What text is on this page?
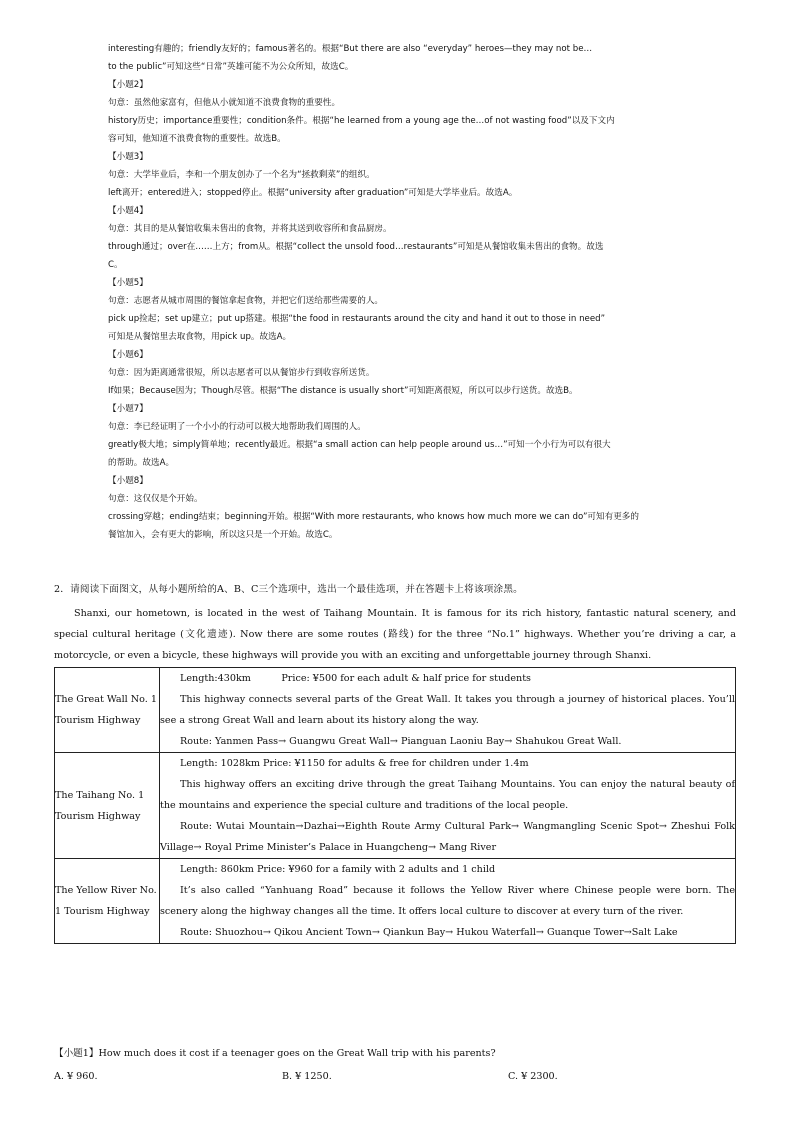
interesting有趣的；friendly友好的；famous著名的。根据“But there are also “everyday” heroes—they may not be…
to the public”可知这些“日常”英雄可能不为公众所知，故选C。
【小题2】
句意：虽然他家富有，但他从小就知道不浪费食物的重要性。
history历史；importance重要性；condition条件。根据“he learned from a young age the…of not wasting food”以及下文内
容可知，他知道不浪费食物的重要性。故选B。
【小题3】
句意：大学毕业后，李和一个朋友创办了一个名为“拯救剩菜”的组织。
left离开；entered进入；stopped停止。根据“university after graduation”可知是大学毕业后。故选A。
【小题4】
句意：其目的是从餐馆收集未售出的食物，并将其送到收容所和食品厨房。
through通过；over在……上方；from从。根据“collect the unsold food…restaurants”可知是从餐馆收集未售出的食物。故选
C。
【小题5】
句意：志愿者从城市周围的餐馆拿起食物，并把它们送给那些需要的人。
pick up捡起；set up建立；put up搭建。根据“the food in restaurants around the city and hand it out to those in need”
可知是从餐馆里去取食物，用pick up。故选A。
【小题6】
句意：因为距离通常很短，所以志愿者可以从餐馆步行到收容所送货。
If如果；Because因为；Though尽管。根据“The distance is usually short”可知距离很短，所以可以步行送货。故选B。
【小题7】
句意：李已经证明了一个小小的行动可以极大地帮助我们周围的人。
greatly极大地；simply简单地；recently最近。根据“a small action can help people around us…”可知一个小行为可以有很大
的帮助。故选A。
【小题8】
句意：这仅仅是个开始。
crossing穿越；ending结束；beginning开始。根据“With more restaurants, who knows how much more we can do”可知有更多的
餐馆加入，会有更大的影响，所以这只是一个开始。故选C。
2．请阅读下面图文，从每小题所给的A、B、C三个选项中，选出一个最佳选项，并在答题卡上将该项涂黑。
Shanxi, our hometown, is located in the west of Taihang Mountain. It is famous for its rich history, fantastic natural scenery, and special cultural heritage (文化遗迹). Now there are some routes (路线) for the three “No.1” highways. Whether you’re driving a car, a motorcycle, or even a bicycle, these highways will provide you with an exciting and unforgettable journey through Shanxi.
The Great Wall No. 1 Tourism Highway	Length:430km          Price: ¥500 for each adult & half price for students

This highway connects several parts of the Great Wall. It takes you through a journey of historical places. You’ll see a strong Great Wall and learn about its history along the way.

Route: Yanmen Pass→ Guangwu Great Wall→ Pianguan Laoniu Bay→ Shahukou Great Wall.

The Taihang No. 1 Tourism Highway	Length: 1028km Price: ¥1150 for adults & free for children under 1.4m

This highway offers an exciting drive through the great Taihang Mountains. You can enjoy the natural beauty of the mountains and experience the special culture and traditions of the local people.

Route: Wutai Mountain→Dazhai→Eighth Route Army Cultural Park→ Wangmangling Scenic Spot→ Zheshui Folk Village→ Royal Prime Minister’s Palace in Huangcheng→ Mang River

The Yellow River No. 1 Tourism Highway	Length: 860km Price: ¥960 for a family with 2 adults and 1 child

It’s also called “Yanhuang Road” because it follows the Yellow River where Chinese people were born. The scenery along the highway changes all the time. It offers local culture to discover at every turn of the river.

Route: Shuozhou→ Qikou Ancient Town→ Qiankun Bay→ Hukou Waterfall→ Guanque Tower→Salt Lake

【小题1】How much does it cost if a teenager goes on the Great Wall trip with his parents?
A. ¥ 960.	B. ¥ 1250.	C. ¥ 2300.
